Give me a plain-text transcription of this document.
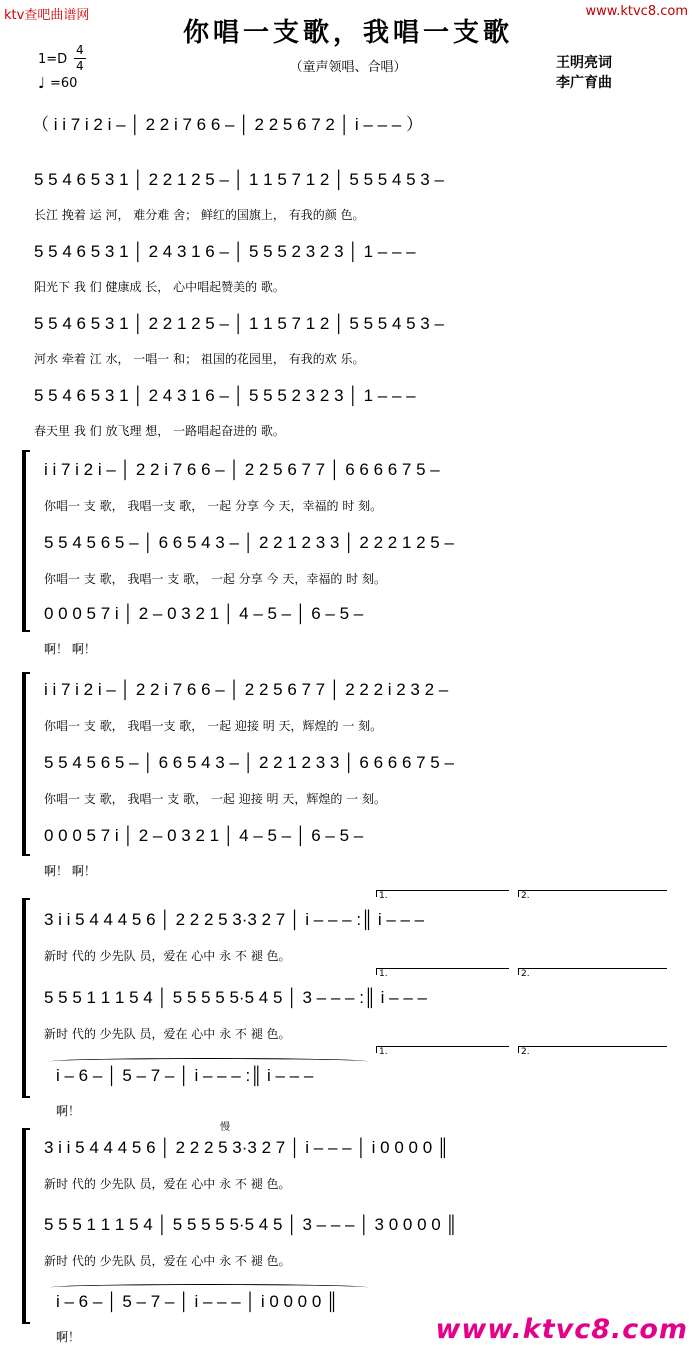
ktv查吧曲谱网	www.ktvc8.com
你唱一支歌，我唱一支歌
（童声领唱、合唱）	王明亮词
李广育曲
1=D
4
4
♩ =60
（ i i 7 i 2 i – │ 2 2 i 7 6 6 – │ 2 2 5 6 7 2 │ i – – – ）
5 5 4 6 5 3 1 │ 2 2 1 2 5 – │ 1 1 5 7 1 2 │ 5 5 5 4 5 3 –
长江 挽着 运 河， 难分难 舍； 鲜红的国旗上， 有我的颜 色。
5 5 4 6 5 3 1 │ 2 4 3 1 6 – │ 5 5 5 2 3 2 3 │ 1 – – –
阳光下 我 们 健康成 长， 心中唱起赞美的 歌。
5 5 4 6 5 3 1 │ 2 2 1 2 5 – │ 1 1 5 7 1 2 │ 5 5 5 4 5 3 –
河水 牵着 江 水， 一唱一 和； 祖国的花园里， 有我的欢 乐。
5 5 4 6 5 3 1 │ 2 4 3 1 6 – │ 5 5 5 2 3 2 3 │ 1 – – –
春天里 我 们 放飞理 想， 一路唱起奋进的 歌。
i i 7 i 2 i – │ 2 2 i 7 6 6 – │ 2 2 5 6 7 7 │ 6 6 6 6 7 5 –
你唱一 支 歌， 我唱一支 歌， 一起 分享 今 天，幸福的 时 刻。
5 5 4 5 6 5 – │ 6 6 5 4 3 – │ 2 2 1 2 3 3 │ 2 2 2 1 2 5 –
你唱一 支 歌， 我唱一 支 歌， 一起 分享 今 天，幸福的 时 刻。
0 0 0 5 7 i │ 2 – 0 3 2 1 │ 4 – 5 – │ 6 – 5 –
啊！ 啊！
i i 7 i 2 i – │ 2 2 i 7 6 6 – │ 2 2 5 6 7 7 │ 2 2 2 i 2 3 2 –
你唱一 支 歌， 我唱一支 歌， 一起 迎接 明 天，辉煌的 一 刻。
5 5 4 5 6 5 – │ 6 6 5 4 3 – │ 2 2 1 2 3 3 │ 6 6 6 6 7 5 –
你唱一 支 歌， 我唱一 支 歌， 一起 迎接 明 天，辉煌的 一 刻。
0 0 0 5 7 i │ 2 – 0 3 2 1 │ 4 – 5 – │ 6 – 5 –
啊！ 啊！
1.	2.
3 i i 5 4 4 4 5 6 │ 2 2 2 5 3·3 2 7 │ i – – – :║ i – – –
新时 代的 少先队 员，爱在 心中 永 不 褪 色。
1.	2.
5 5 5 1 1 1 5 4 │ 5 5 5 5 5·5 4 5 │ 3 – – – :║ i – – –
新时 代的 少先队 员，爱在 心中 永 不 褪 色。
1.	2.
i – 6 – │ 5 – 7 – │ i – – – :║ i – – –
啊！
慢
3 i i 5 4 4 4 5 6 │ 2 2 2 5 3·3 2 7 │ i – – – │ i 0 0 0 0 ║
新时 代的 少先队 员，爱在 心中 永 不 褪 色。
5 5 5 1 1 1 5 4 │ 5 5 5 5 5·5 4 5 │ 3 – – – │ 3 0 0 0 0 ║
新时 代的 少先队 员，爱在 心中 永 不 褪 色。
i – 6 – │ 5 – 7 – │ i – – – │ i 0 0 0 0 ║
啊！	www.ktvc8.com
